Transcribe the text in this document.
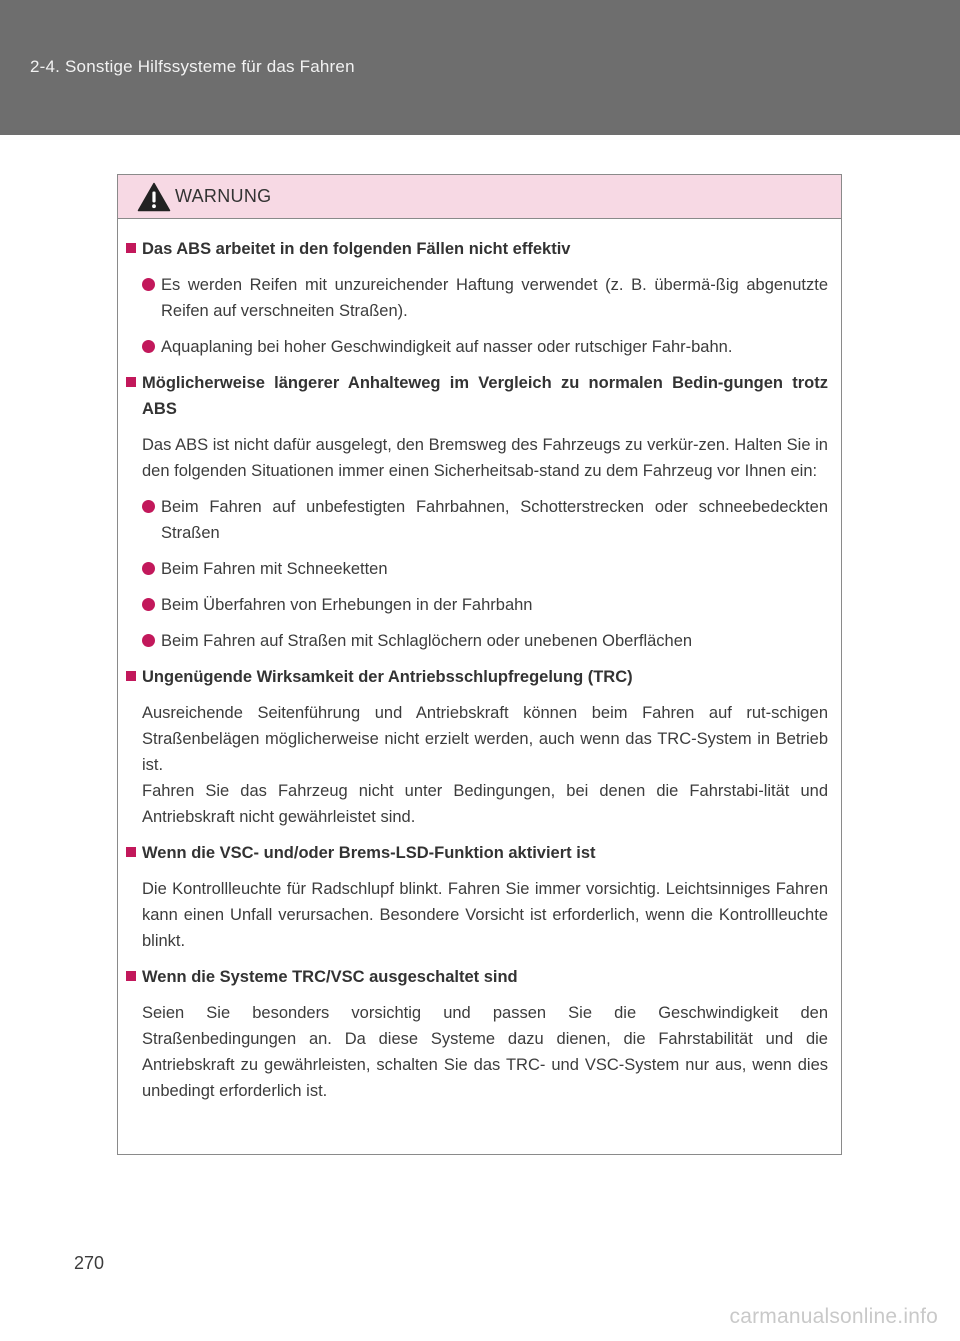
2-4. Sonstige Hilfssysteme für das Fahren
WARNUNG
Das ABS arbeitet in den folgenden Fällen nicht effektiv
Es werden Reifen mit unzureichender Haftung verwendet (z. B. übermä-ßig abgenutzte Reifen auf verschneiten Straßen).
Aquaplaning bei hoher Geschwindigkeit auf nasser oder rutschiger Fahr-bahn.
Möglicherweise längerer Anhalteweg im Vergleich zu normalen Bedin-gungen trotz ABS
Das ABS ist nicht dafür ausgelegt, den Bremsweg des Fahrzeugs zu verkür-zen. Halten Sie in den folgenden Situationen immer einen Sicherheitsab-stand zu dem Fahrzeug vor Ihnen ein:
Beim Fahren auf unbefestigten Fahrbahnen, Schotterstrecken oder schneebedeckten Straßen
Beim Fahren mit Schneeketten
Beim Überfahren von Erhebungen in der Fahrbahn
Beim Fahren auf Straßen mit Schlaglöchern oder unebenen Oberflächen
Ungenügende Wirksamkeit der Antriebsschlupfregelung (TRC)
Ausreichende Seitenführung und Antriebskraft können beim Fahren auf rut-schigen Straßenbelägen möglicherweise nicht erzielt werden, auch wenn das TRC-System in Betrieb ist.
Fahren Sie das Fahrzeug nicht unter Bedingungen, bei denen die Fahrstabi-lität und Antriebskraft nicht gewährleistet sind.
Wenn die VSC- und/oder Brems-LSD-Funktion aktiviert ist
Die Kontrollleuchte für Radschlupf blinkt. Fahren Sie immer vorsichtig. Leichtsinniges Fahren kann einen Unfall verursachen. Besondere Vorsicht ist erforderlich, wenn die Kontrollleuchte blinkt.
Wenn die Systeme TRC/VSC ausgeschaltet sind
Seien Sie besonders vorsichtig und passen Sie die Geschwindigkeit den Straßenbedingungen an. Da diese Systeme dazu dienen, die Fahrstabilität und die Antriebskraft zu gewährleisten, schalten Sie das TRC- und VSC-System nur aus, wenn dies unbedingt erforderlich ist.
270
carmanualsonline.info
